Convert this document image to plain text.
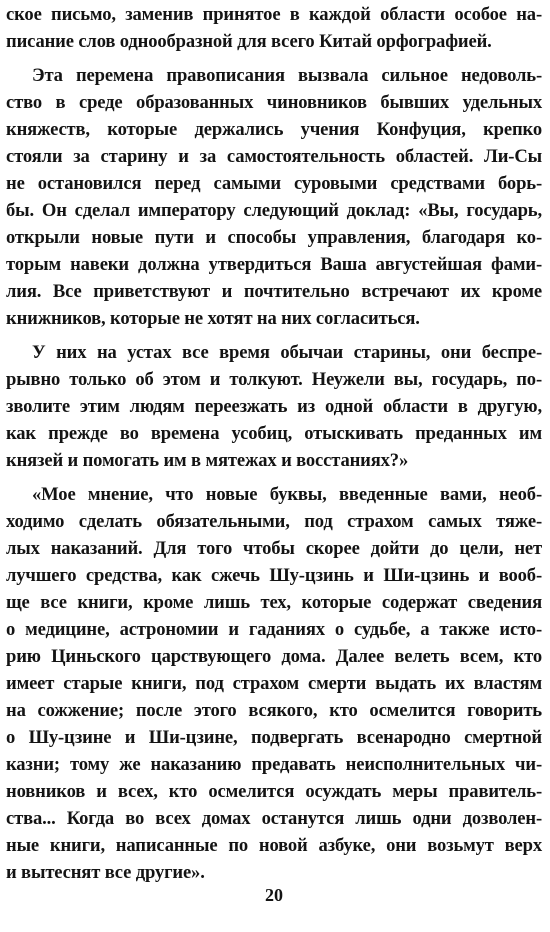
ское письмо, заменив принятое в каждой области особое на-
писание слов однообразной для всего Китай орфографией.
Эта перемена правописания вызвала сильное недоволь-
ство в среде образованных чиновников бывших удельных
княжеств, которые держались учения Конфуция, крепко
стояли за старину и за самостоятельность областей. Ли-Сы
не остановился перед самыми суровыми средствами борь-
бы. Он сделал императору следующий доклад: «Вы, государь,
открыли новые пути и способы управления, благодаря ко-
торым навеки должна утвердиться Ваша августейшая фами-
лия. Все приветствуют и почтительно встречают их кроме
книжников, которые не хотят на них согласиться.
У них на устах все время обычаи старины, они беспре-
рывно только об этом и толкуют. Неужели вы, государь, по-
зволите этим людям переезжать из одной области в другую,
как прежде во времена усобиц, отыскивать преданных им
князей и помогать им в мятежах и восстаниях?»
«Мое мнение, что новые буквы, введенные вами, необ-
ходимо сделать обязательными, под страхом самых тяже-
лых наказаний. Для того чтобы скорее дойти до цели, нет
лучшего средства, как сжечь Шу-цзинь и Ши-цзинь и вооб-
ще все книги, кроме лишь тех, которые содержат сведения
о медицине, астрономии и гаданиях о судьбе, а также исто-
рию Циньского царствующего дома. Далее велеть всем, кто
имеет старые книги, под страхом смерти выдать их властям
на сожжение; после этого всякого, кто осмелится говорить
о Шу-цзине и Ши-цзине, подвергать всенародно смертной
казни; тому же наказанию предавать неисполнительных чи-
новников и всех, кто осмелится осуждать меры правитель-
ства... Когда во всех домах останутся лишь одни дозволен-
ные книги, написанные по новой азбуке, они возьмут верх
и вытеснят все другие».
20
